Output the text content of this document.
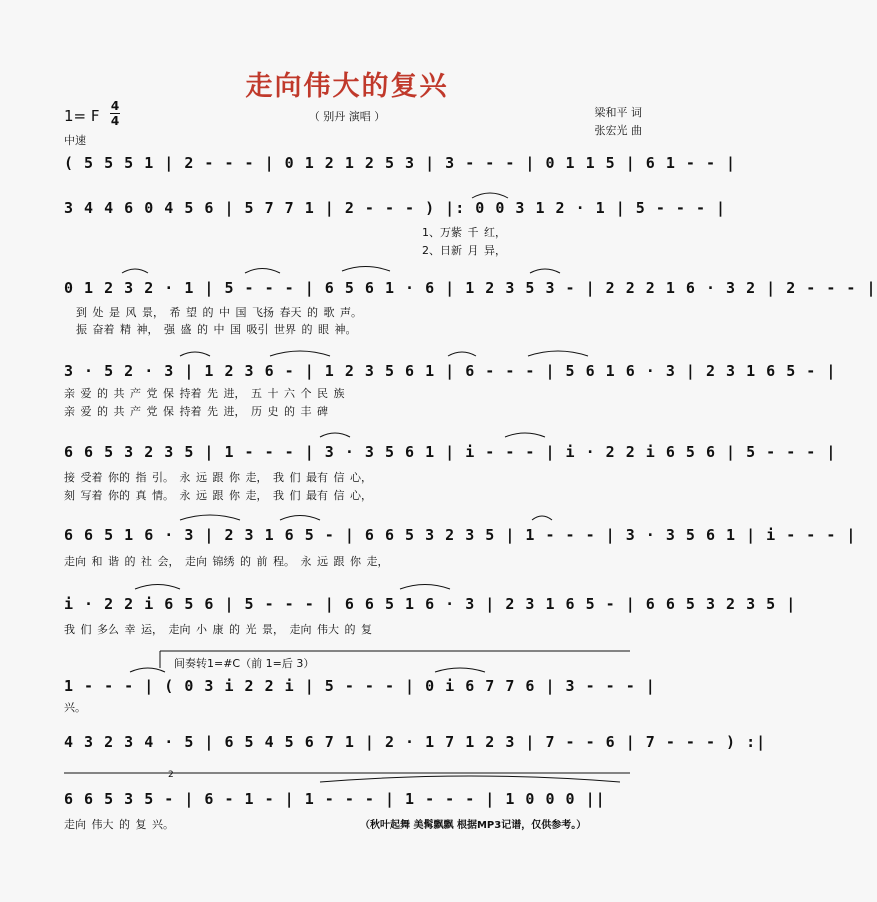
走向伟大的复兴
1= F
4
4
中速
（ 别丹 演唱 ）	梁和平 词
张宏光 曲
( 5 5 5 1 | 2 - - - | 0 1 2 1 2 5 3 | 3 - - - | 0 1 1 5 | 6 1 - - |
3 4 4 6 0 4 5 6 | 5 7 7 1 | 2 - - - ) |: 0 0 3 1 2 · 1 | 5 - - - |
1、万紫 千 红，
2、日新 月 异，
0 1 2 3 2 · 1 | 5 - - - | 6 5 6 1 · 6 | 1 2 3 5 3 - | 2 2 2 1 6 · 3 2 | 2 - - - |
到 处 是 风 景， 希 望 的 中 国 飞扬 春天 的 歌 声。
振 奋着 精 神， 强 盛 的 中 国 吸引 世界 的 眼 神。
3 · 5 2 · 3 | 1 2 3 6 - | 1 2 3 5 6 1 | 6 - - - | 5 6 1 6 · 3 | 2 3 1 6 5 - |
亲 爱 的 共 产 党 保 持着 先 进， 五 十 六 个 民 族
亲 爱 的 共 产 党 保 持着 先 进， 历 史 的 丰 碑
6 6 5 3 2 3 5 | 1 - - - | 3 · 3 5 6 1 | i - - - | i · 2 2 i 6 5 6 | 5 - - - |
接 受着 你的 指 引。 永 远 跟 你 走， 我 们 最有 信 心，
刻 写着 你的 真 情。 永 远 跟 你 走， 我 们 最有 信 心，
6 6 5 1 6 · 3 | 2 3 1 6 5 - | 6 6 5 3 2 3 5 | 1 - - - | 3 · 3 5 6 1 | i - - - |
走向 和 谐 的 社 会， 走向 锦绣 的 前 程。 永 远 跟 你 走，
i · 2 2 i 6 5 6 | 5 - - - | 6 6 5 1 6 · 3 | 2 3 1 6 5 - | 6 6 5 3 2 3 5 |
我 们 多么 幸 运， 走向 小 康 的 光 景， 走向 伟大 的 复
间奏转1=#C（前 1=后 3）
1 - - - | ( 0 3 i 2 2 i | 5 - - - | 0 i 6 7 7 6 | 3 - - - |
兴。
4 3 2 3 4 · 5 | 6 5 4 5 6 7 1 | 2 · 1 7 1 2 3 | 7 - - 6 | 7 - - - ) :|
2
6 6 5 3 5 - | 6 - 1 - | 1 - - - | 1 - - - | 1 0 0 0 ||
走向 伟大 的 复 兴。	（秋叶起舞 美髯飘飘 根据MP3记谱，仅供参考。）
